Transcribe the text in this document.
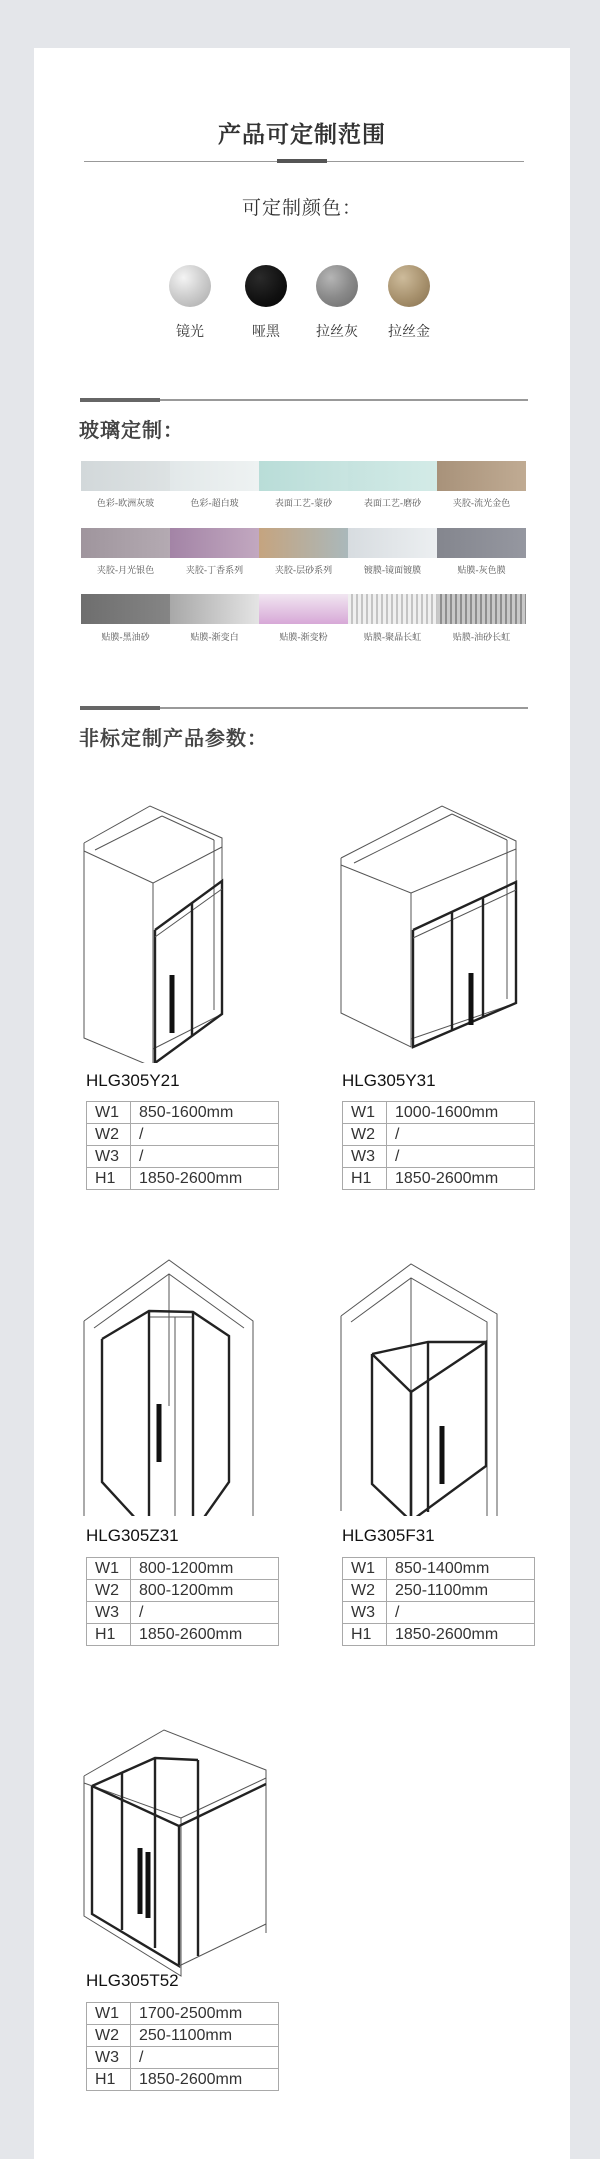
产品可定制范围
可定制颜色：
镜光	哑黑	拉丝灰	拉丝金
玻璃定制：
色彩-欧洲灰玻	色彩-超白玻	表面工艺-蒙砂	表面工艺-磨砂	夹胶-流光金色
夹胶-月光银色	夹胶-丁香系列	夹胶-层砂系列	镀膜-镜面镀膜	贴膜-灰色膜
贴膜-黑油砂	贴膜-渐变白	贴膜-渐变粉	贴膜-聚晶长虹	贴膜-油砂长虹
非标定制产品参数：
HLG305Y21
W1	850-1600mm
W2	/
W3	/
H1	1850-2600mm
HLG305Y31
W1	1000-1600mm
W2	/
W3	/
H1	1850-2600mm
HLG305Z31
W1	800-1200mm
W2	800-1200mm
W3	/
H1	1850-2600mm
HLG305F31
W1	850-1400mm
W2	250-1100mm
W3	/
H1	1850-2600mm
HLG305T52
W1	1700-2500mm
W2	250-1100mm
W3	/
H1	1850-2600mm
